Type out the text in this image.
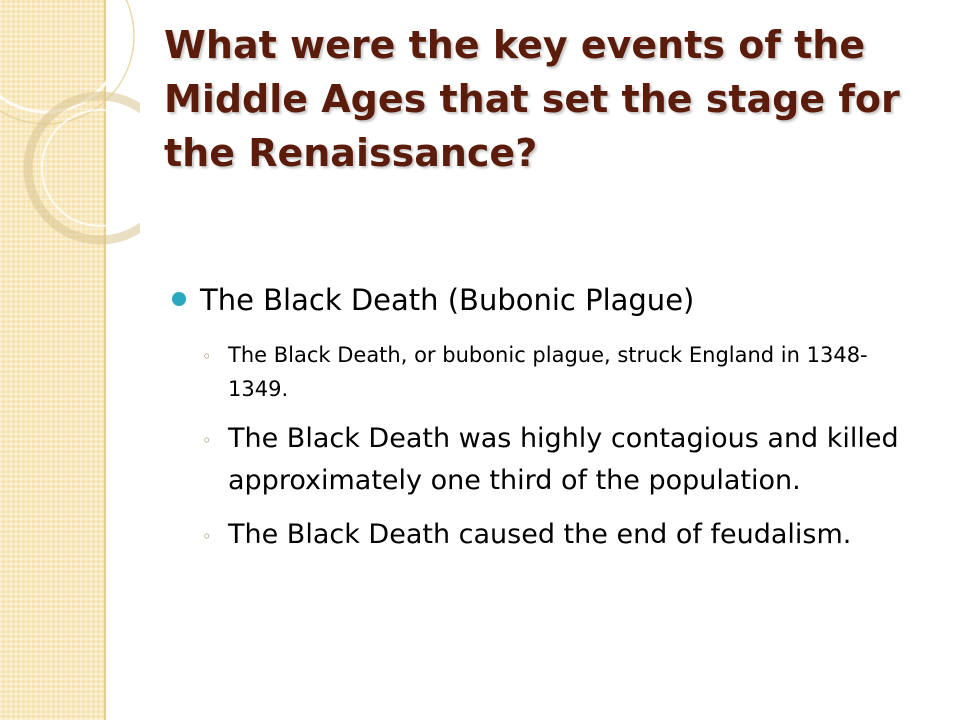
What were the key events of the Middle Ages that set the stage for the Renaissance?
The Black Death (Bubonic Plague)
◦ The Black Death, or bubonic plague, struck England in 1348-1349.
◦ The Black Death was highly contagious and killed approximately one third of the population.
◦ The Black Death caused the end of feudalism.
